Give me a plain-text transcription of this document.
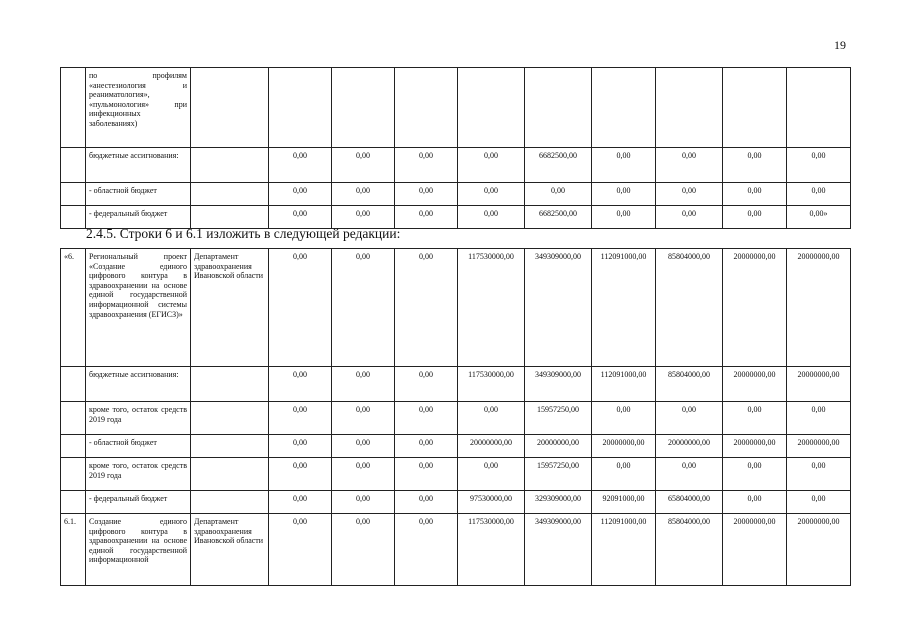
19
	по профилям «анестезиология и реаниматология», «пульмонология» при инфекционных заболеваниях)										
	бюджетные ассигнования:		0,00	0,00	0,00	0,00	6682500,00	0,00	0,00	0,00	0,00
	- областной бюджет		0,00	0,00	0,00	0,00	0,00	0,00	0,00	0,00	0,00
	- федеральный бюджет		0,00	0,00	0,00	0,00	6682500,00	0,00	0,00	0,00	0,00»
2.4.5. Строки 6 и 6.1 изложить в следующей редакции:
«6.	Региональный проект «Создание единого цифрового контура в здравоохранении на основе единой государственной информационной системы здравоохранения (ЕГИСЗ)»	Департамент здравоохранения Ивановской области	0,00	0,00	0,00	117530000,00	349309000,00	112091000,00	85804000,00	20000000,00	20000000,00
	бюджетные ассигнования:		0,00	0,00	0,00	117530000,00	349309000,00	112091000,00	85804000,00	20000000,00	20000000,00
	кроме того, остаток средств 2019 года		0,00	0,00	0,00	0,00	15957250,00	0,00	0,00	0,00	0,00
	- областной бюджет		0,00	0,00	0,00	20000000,00	20000000,00	20000000,00	20000000,00	20000000,00	20000000,00
	кроме того, остаток средств 2019 года		0,00	0,00	0,00	0,00	15957250,00	0,00	0,00	0,00	0,00
	- федеральный бюджет		0,00	0,00	0,00	97530000,00	329309000,00	92091000,00	65804000,00	0,00	0,00
6.1.	Создание единого цифрового контура в здравоохранении на основе единой государственной информационной	Департамент здравоохранения Ивановской области	0,00	0,00	0,00	117530000,00	349309000,00	112091000,00	85804000,00	20000000,00	20000000,00
